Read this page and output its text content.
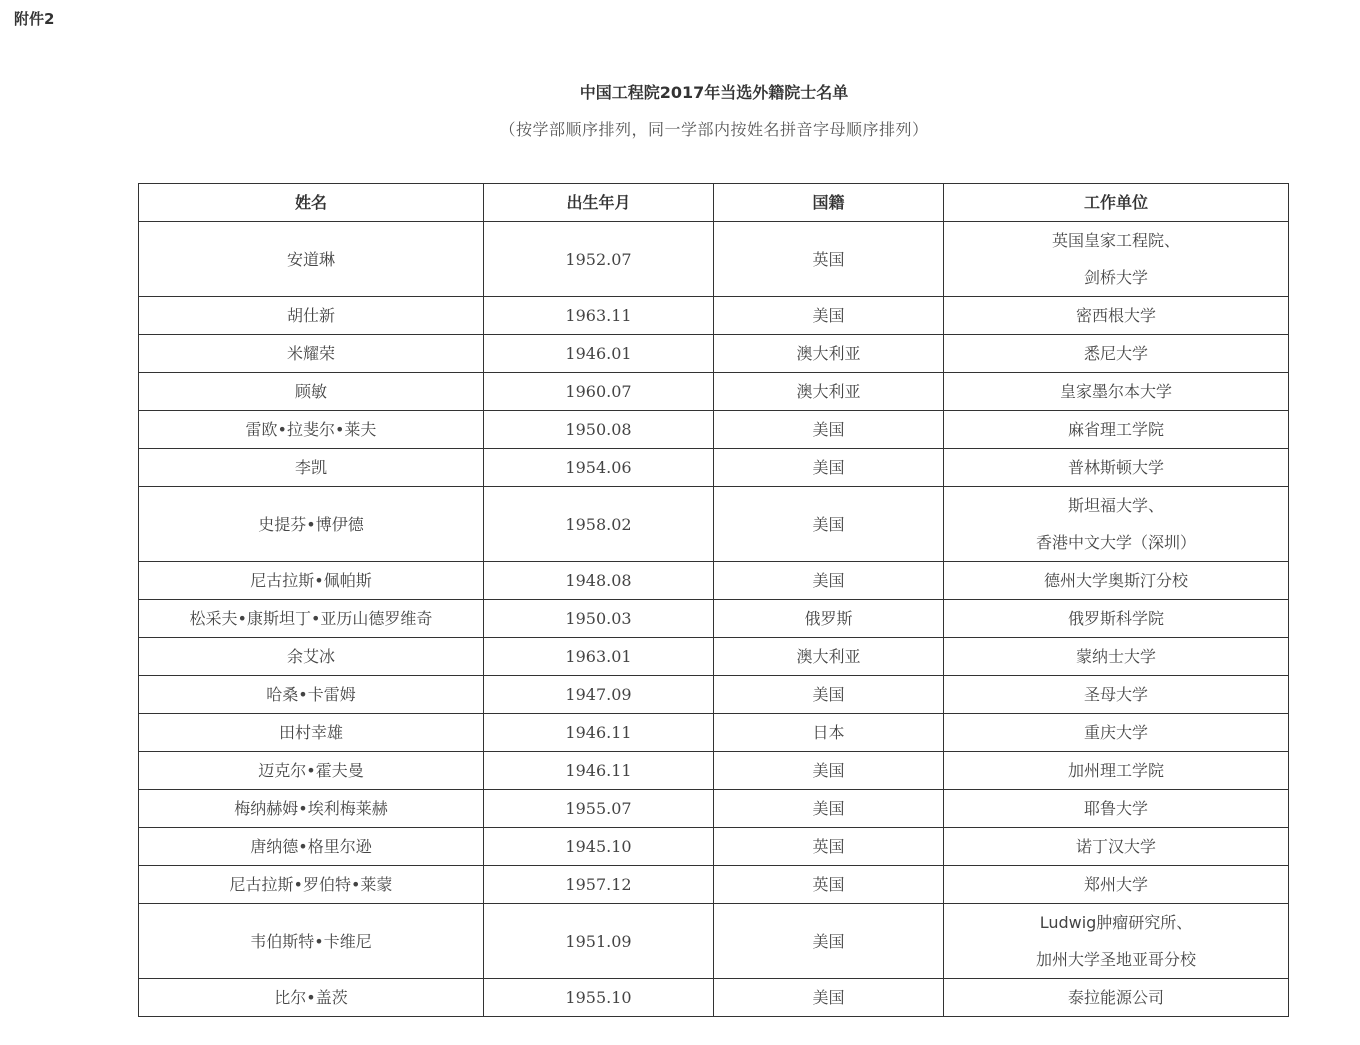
附件2
中国工程院2017年当选外籍院士名单
（按学部顺序排列，同一学部内按姓名拼音字母顺序排列）
姓名	出生年月	国籍	工作单位
安道琳	1952.07	英国	英国皇家工程院、
剑桥大学

胡仕新	1963.11	美国	密西根大学

米耀荣	1946.01	澳大利亚	悉尼大学

顾敏	1960.07	澳大利亚	皇家墨尔本大学

雷欧•拉斐尔•莱夫	1950.08	美国	麻省理工学院

李凯	1954.06	美国	普林斯顿大学

史提芬•博伊德	1958.02	美国	斯坦福大学、
香港中文大学（深圳）

尼古拉斯•佩帕斯	1948.08	美国	德州大学奥斯汀分校

松采夫•康斯坦丁•亚历山德罗维奇	1950.03	俄罗斯	俄罗斯科学院

余艾冰	1963.01	澳大利亚	蒙纳士大学

哈桑•卡雷姆	1947.09	美国	圣母大学

田村幸雄	1946.11	日本	重庆大学

迈克尔•霍夫曼	1946.11	美国	加州理工学院

梅纳赫姆•埃利梅莱赫	1955.07	美国	耶鲁大学

唐纳德•格里尔逊	1945.10	英国	诺丁汉大学

尼古拉斯•罗伯特•莱蒙	1957.12	英国	郑州大学

韦伯斯特•卡维尼	1951.09	美国	Ludwig肿瘤研究所、
加州大学圣地亚哥分校

比尔•盖茨	1955.10	美国	泰拉能源公司
